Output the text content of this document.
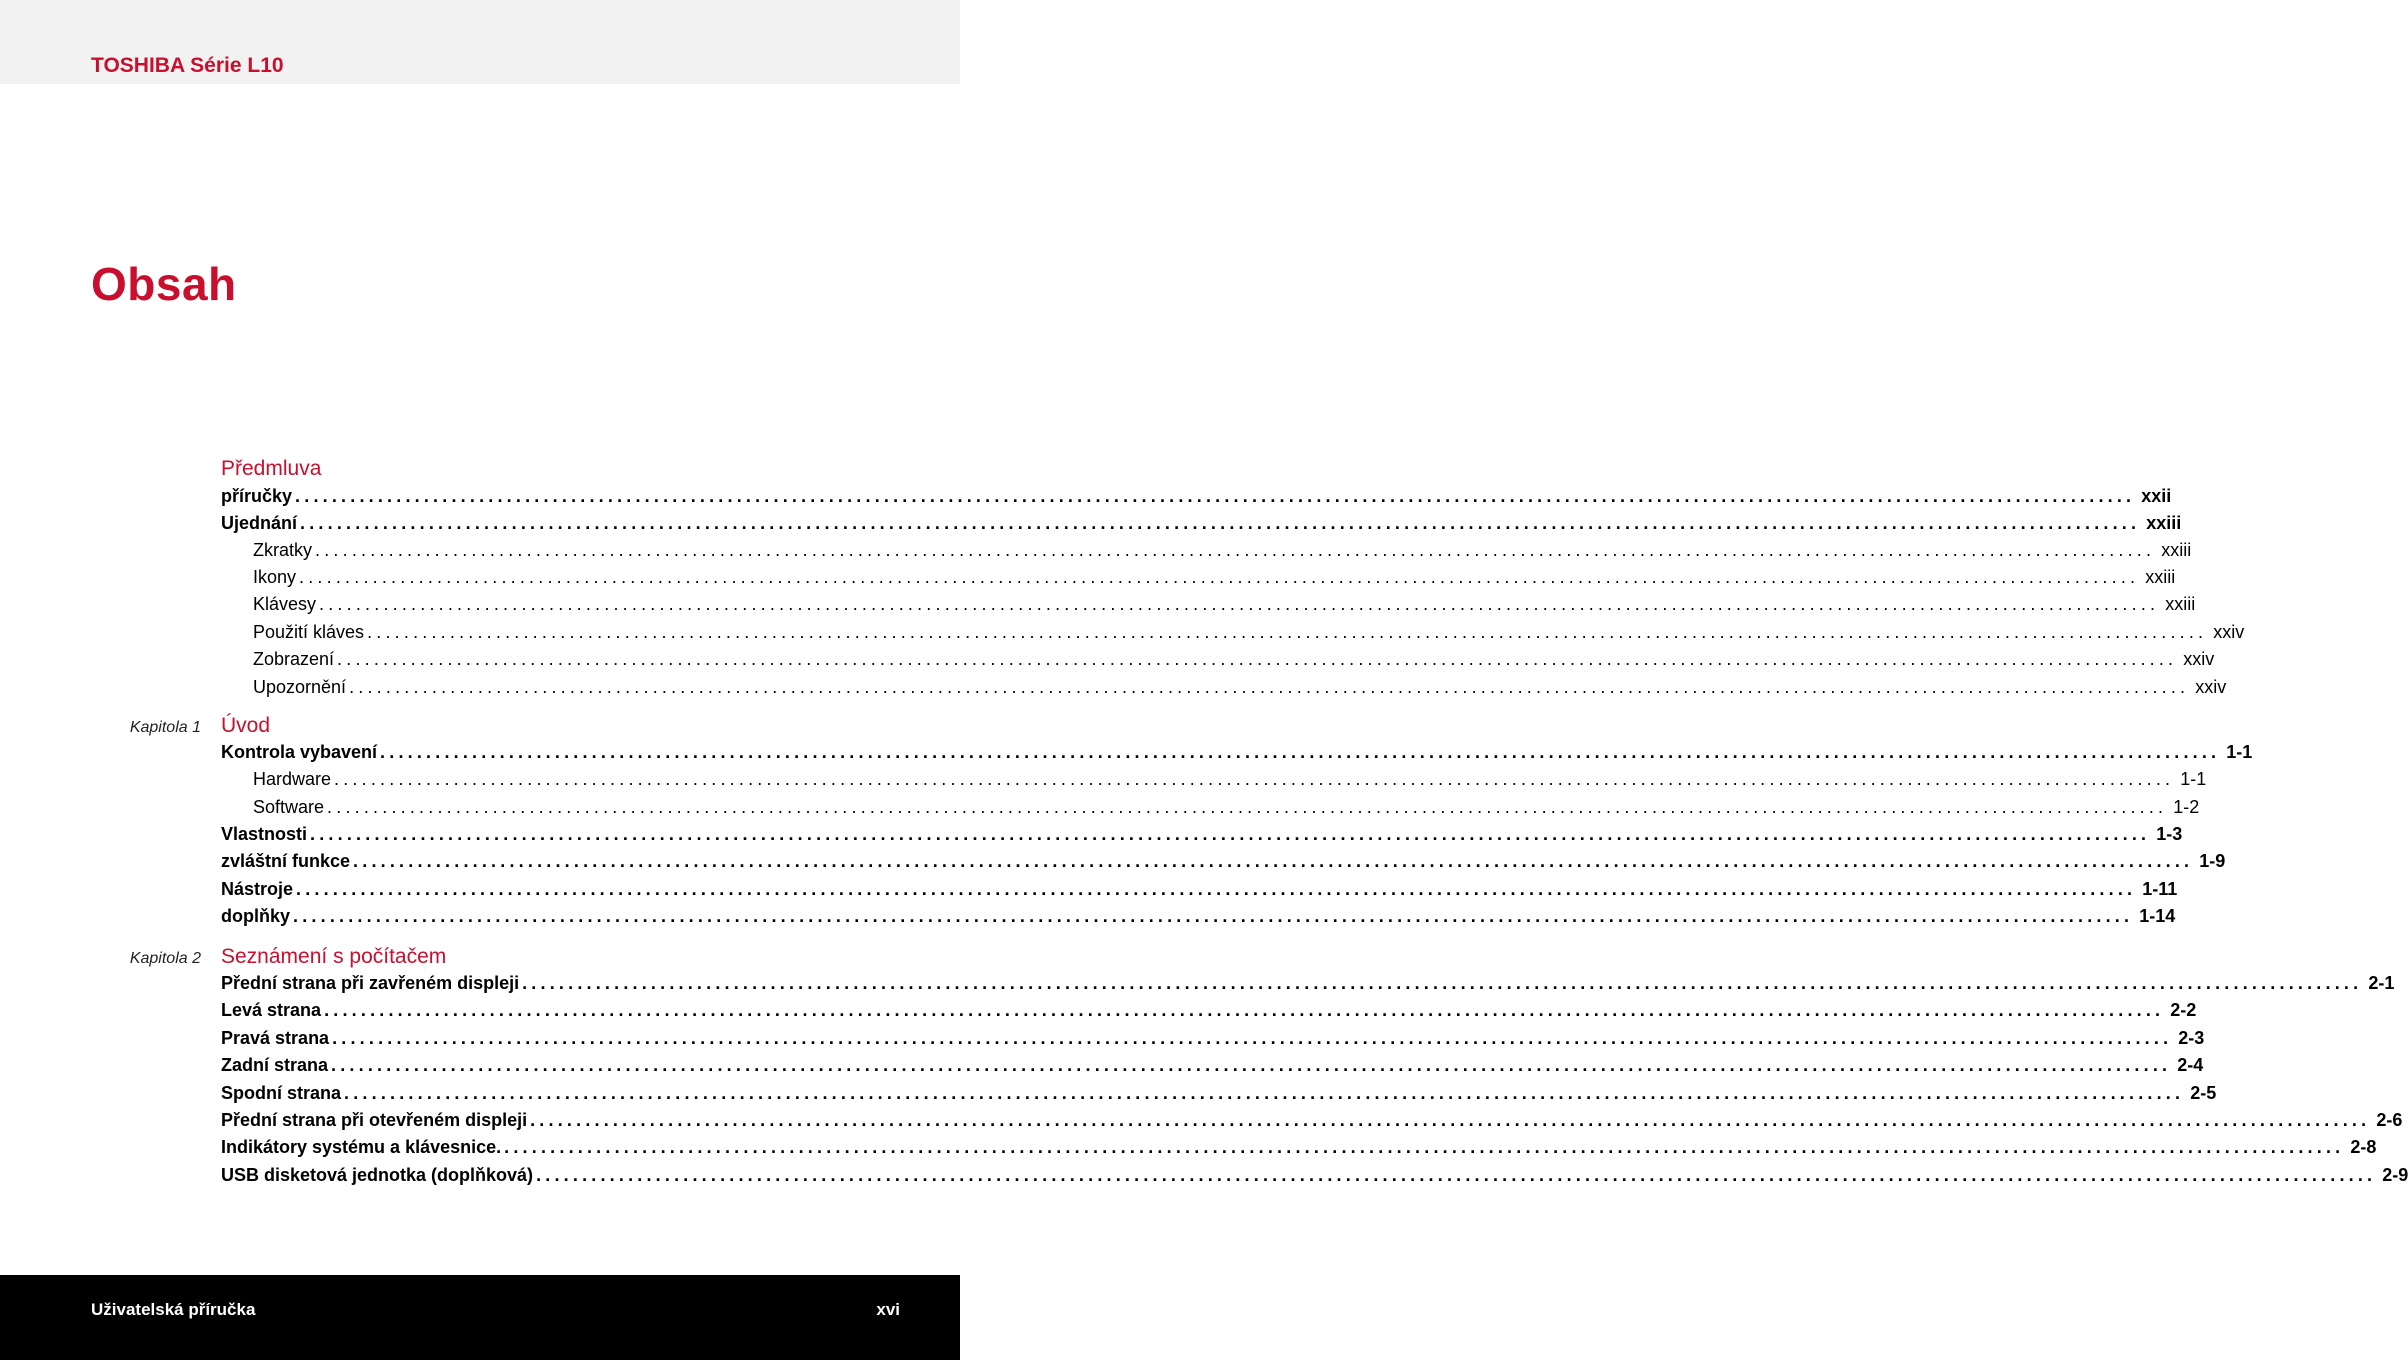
TOSHIBA Série L10
Obsah
Předmluva
příručky ........................................................................................................................................................................................................ xxii
Ujednání ........................................................................................................................................................................................................ xxiii
Zkratky ........................................................................................................................................................................................................ xxiii
Ikony ........................................................................................................................................................................................................ xxiii
Klávesy ........................................................................................................................................................................................................ xxiii
Použití kláves ........................................................................................................................................................................................................ xxiv
Zobrazení ........................................................................................................................................................................................................ xxiv
Upozornění ........................................................................................................................................................................................................ xxiv
Kapitola 1 Úvod
Kontrola vybavení ........................................................................................................................................................................................................ 1-1
Hardware ........................................................................................................................................................................................................ 1-1
Software ........................................................................................................................................................................................................ 1-2
Vlastnosti ........................................................................................................................................................................................................ 1-3
zvláštní funkce ........................................................................................................................................................................................................ 1-9
Nástroje ........................................................................................................................................................................................................ 1-11
doplňky ........................................................................................................................................................................................................ 1-14
Kapitola 2 Seznámení s počítačem
Přední strana při zavřeném displeji ........................................................................................................................................................................................................ 2-1
Levá strana ........................................................................................................................................................................................................ 2-2
Pravá strana ........................................................................................................................................................................................................ 2-3
Zadní strana ........................................................................................................................................................................................................ 2-4
Spodní strana ........................................................................................................................................................................................................ 2-5
Přední strana při otevřeném displeji ........................................................................................................................................................................................................ 2-6
Indikátory systému a klávesnice. ........................................................................................................................................................................................................ 2-8
USB disketová jednotka (doplňková) ........................................................................................................................................................................................................ 2-9
Uživatelská příručka	xvi
